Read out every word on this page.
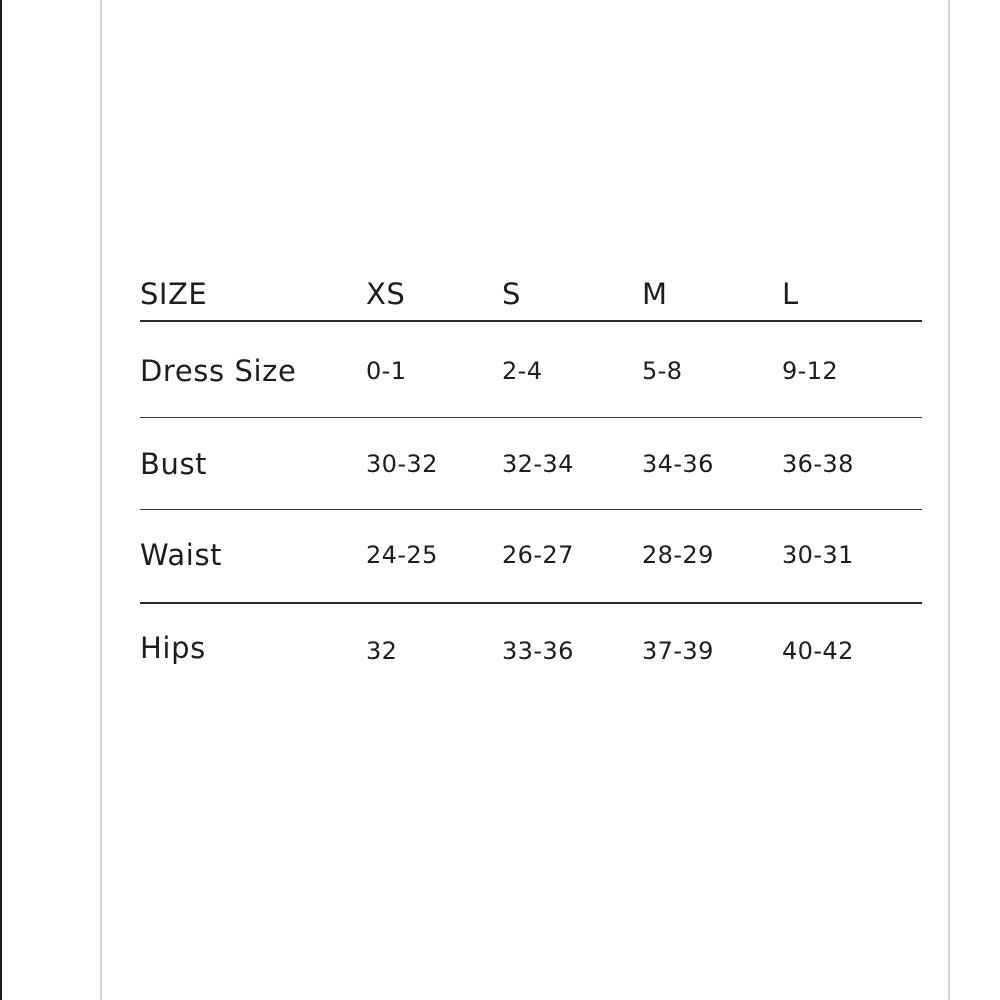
SIZE	XS	S	M	L
Dress Size	0-1	2-4	5-8	9-12
Bust	30-32	32-34	34-36	36-38
Waist	24-25	26-27	28-29	30-31
Hips	32	33-36	37-39	40-42
